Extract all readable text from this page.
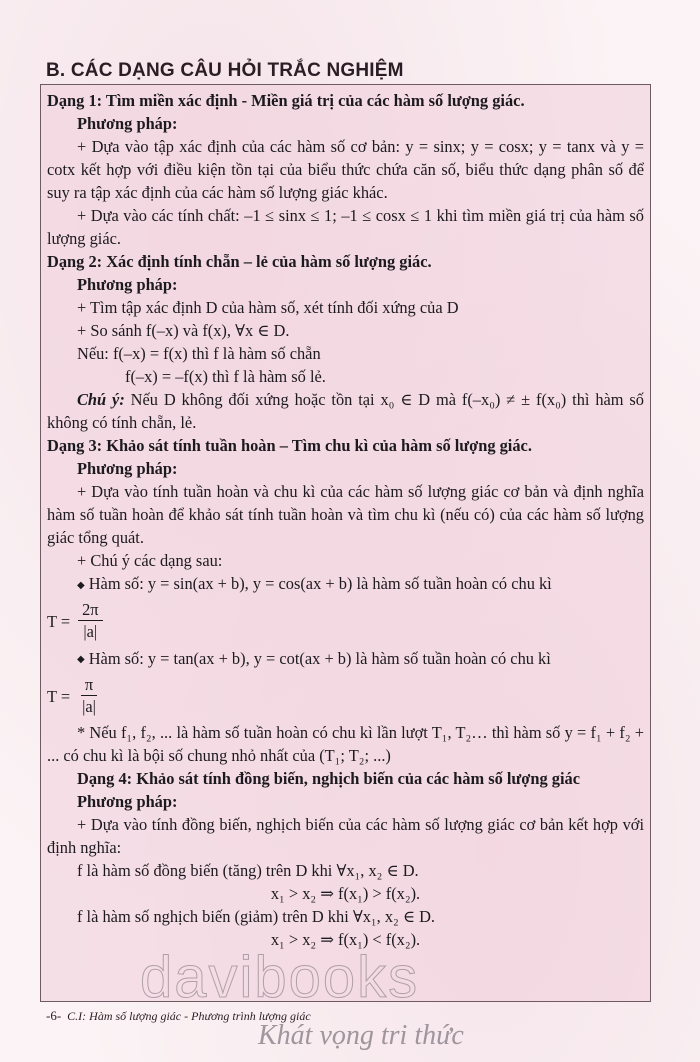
B. CÁC DẠNG CÂU HỎI TRẮC NGHIỆM

Dạng 1: Tìm miền xác định - Miền giá trị của các hàm số lượng giác.

Phương pháp:

+ Dựa vào tập xác định của các hàm số cơ bản: y = sinx; y = cosx; y = tanx và y = cotx kết hợp với điều kiện tồn tại của biểu thức chứa căn số, biểu thức dạng phân số để suy ra tập xác định của các hàm số lượng giác khác.

+ Dựa vào các tính chất: –1 ≤ sinx ≤ 1; –1 ≤ cosx ≤ 1 khi tìm miền giá trị của hàm số lượng giác.

Dạng 2: Xác định tính chẵn – lẻ của hàm số lượng giác.

Phương pháp:

+ Tìm tập xác định D của hàm số, xét tính đối xứng của D

+ So sánh f(–x) và f(x), ∀x ∈ D.

Nếu: f(–x) = f(x) thì f là hàm số chẵn

f(–x) = –f(x) thì f là hàm số lẻ.

Chú ý: Nếu D không đối xứng hoặc tồn tại x₀ ∈ D mà f(–x₀) ≠ ± f(x₀) thì hàm số không có tính chẵn, lẻ.

Dạng 3: Khảo sát tính tuần hoàn – Tìm chu kì của hàm số lượng giác.

Phương pháp:

+ Dựa vào tính tuần hoàn và chu kì của các hàm số lượng giác cơ bản và định nghĩa hàm số tuần hoàn để khảo sát tính tuần hoàn và tìm chu kì (nếu có) của các hàm số lượng giác tổng quát.

+ Chú ý các dạng sau:

◆ Hàm số: y = sin(ax + b), y = cos(ax + b) là hàm số tuần hoàn có chu kì

$T = \frac{2\pi}{|a|}$

◆ Hàm số: y = tan(ax + b), y = cot(ax + b) là hàm số tuần hoàn có chu kì

$T = \frac{\pi}{|a|}$

* Nếu f₁, f₂, ... là hàm số tuần hoàn có chu kì lần lượt T₁, T₂… thì hàm số y = f₁ + f₂ + ... có chu kì là bội số chung nhỏ nhất của (T₁; T₂; ...)

Dạng 4: Khảo sát tính đồng biến, nghịch biến của các hàm số lượng giác

Phương pháp:

+ Dựa vào tính đồng biến, nghịch biến của các hàm số lượng giác cơ bản kết hợp với định nghĩa:

f là hàm số đồng biến (tăng) trên D khi ∀x₁, x₂ ∈ D.

x₁ > x₂ ⇒ f(x₁) > f(x₂).

f là hàm số nghịch biến (giảm) trên D khi ∀x₁, x₂ ∈ D.

x₁ > x₂ ⇒ f(x₁) < f(x₂).

davibooks
-6- C.I: Hàm số lượng giác - Phương trình lượng giác
Khát vọng tri thức
